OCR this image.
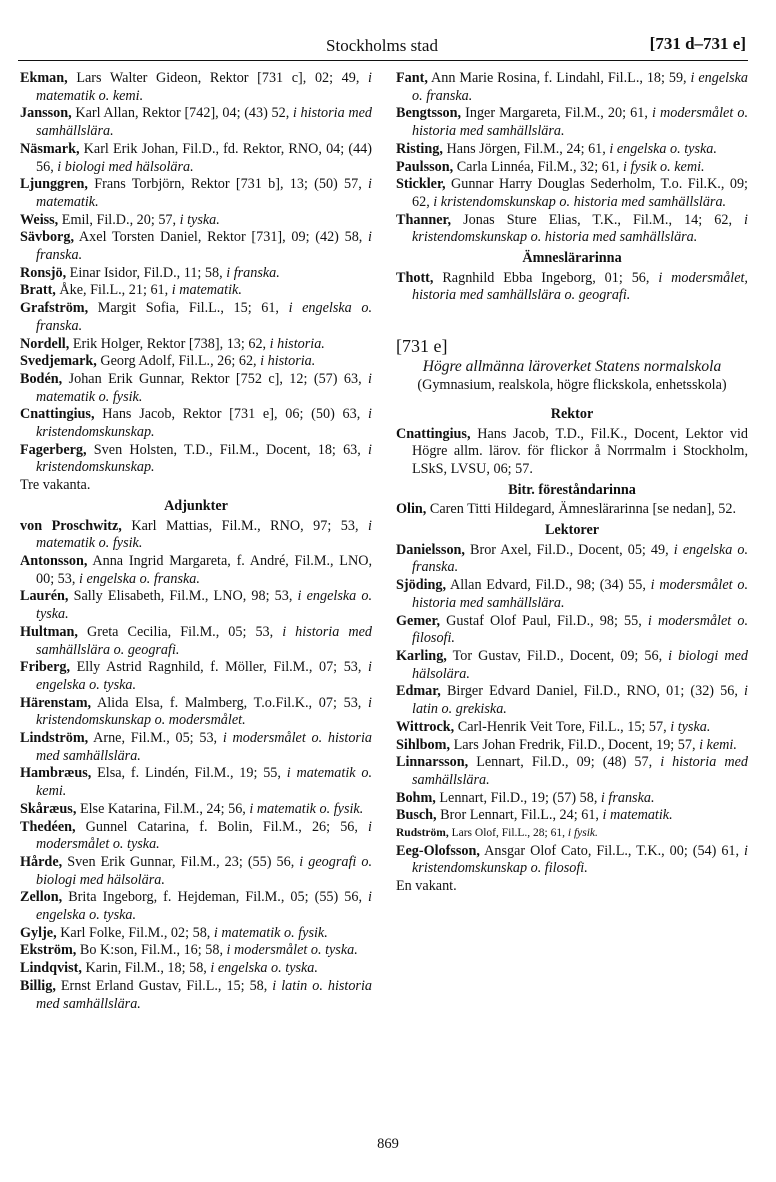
Stockholms stad	[731 d–731 e]
Ekman, Lars Walter Gideon, Rektor [731 c], 02; 49, i matematik o. kemi.
Jansson, Karl Allan, Rektor [742], 04; (43) 52, i historia med samhällslära.
Näsmark, Karl Erik Johan, Fil.D., fd. Rektor, RNO, 04; (44) 56, i biologi med hälsolära.
Ljunggren, Frans Torbjörn, Rektor [731 b], 13; (50) 57, i matematik.
Weiss, Emil, Fil.D., 20; 57, i tyska.
Sävborg, Axel Torsten Daniel, Rektor [731], 09; (42) 58, i franska.
Ronsjö, Einar Isidor, Fil.D., 11; 58, i franska.
Bratt, Åke, Fil.L., 21; 61, i matematik.
Grafström, Margit Sofia, Fil.L., 15; 61, i engelska o. franska.
Nordell, Erik Holger, Rektor [738], 13; 62, i historia.
Svedjemark, Georg Adolf, Fil.L., 26; 62, i historia.
Bodén, Johan Erik Gunnar, Rektor [752 c], 12; (57) 63, i matematik o. fysik.
Cnattingius, Hans Jacob, Rektor [731 e], 06; (50) 63, i kristendomskunskap.
Fagerberg, Sven Holsten, T.D., Fil.M., Docent, 18; 63, i kristendomskunskap.
Tre vakanta.
Adjunkter
von Proschwitz, Karl Mattias, Fil.M., RNO, 97; 53, i matematik o. fysik.
Antonsson, Anna Ingrid Margareta, f. André, Fil.M., LNO, 00; 53, i engelska o. franska.
Laurén, Sally Elisabeth, Fil.M., LNO, 98; 53, i engelska o. tyska.
Hultman, Greta Cecilia, Fil.M., 05; 53, i historia med samhällslära o. geografi.
Friberg, Elly Astrid Ragnhild, f. Möller, Fil.M., 07; 53, i engelska o. tyska.
Härenstam, Alida Elsa, f. Malmberg, T.o.Fil.K., 07; 53, i kristendomskunskap o. modersmålet.
Lindström, Arne, Fil.M., 05; 53, i modersmålet o. historia med samhällslära.
Hambræus, Elsa, f. Lindén, Fil.M., 19; 55, i matematik o. kemi.
Skåræus, Else Katarina, Fil.M., 24; 56, i matematik o. fysik.
Thedéen, Gunnel Catarina, f. Bolin, Fil.M., 26; 56, i modersmålet o. tyska.
Hårde, Sven Erik Gunnar, Fil.M., 23; (55) 56, i geografi o. biologi med hälsolära.
Zellon, Brita Ingeborg, f. Hejdeman, Fil.M., 05; (55) 56, i engelska o. tyska.
Gylje, Karl Folke, Fil.M., 02; 58, i matematik o. fysik.
Ekström, Bo K:son, Fil.M., 16; 58, i modersmålet o. tyska.
Lindqvist, Karin, Fil.M., 18; 58, i engelska o. tyska.
Billig, Ernst Erland Gustav, Fil.L., 15; 58, i latin o. historia med samhällslära.
Fant, Ann Marie Rosina, f. Lindahl, Fil.L., 18; 59, i engelska o. franska.
Bengtsson, Inger Margareta, Fil.M., 20; 61, i modersmålet o. historia med samhällslära.
Risting, Hans Jörgen, Fil.M., 24; 61, i engelska o. tyska.
Paulsson, Carla Linnéa, Fil.M., 32; 61, i fysik o. kemi.
Stickler, Gunnar Harry Douglas Sederholm, T.o. Fil.K., 09; 62, i kristendomskunskap o. historia med samhällslära.
Thanner, Jonas Sture Elias, T.K., Fil.M., 14; 62, i kristendomskunskap o. historia med samhällslära.
Ämneslärarinna
Thott, Ragnhild Ebba Ingeborg, 01; 56, i modersmålet, historia med samhällslära o. geografi.
[731 e]
Högre allmänna läroverket Statens normalskola
(Gymnasium, realskola, högre flickskola, enhetsskola)
Rektor
Cnattingius, Hans Jacob, T.D., Fil.K., Docent, Lektor vid Högre allm. lärov. för flickor å Norrmalm i Stockholm, LSkS, LVSU, 06; 57.
Bitr. föreståndarinna
Olin, Caren Titti Hildegard, Ämneslärarinna [se nedan], 52.
Lektorer
Danielsson, Bror Axel, Fil.D., Docent, 05; 49, i engelska o. franska.
Sjöding, Allan Edvard, Fil.D., 98; (34) 55, i modersmålet o. historia med samhällslära.
Gemer, Gustaf Olof Paul, Fil.D., 98; 55, i modersmålet o. filosofi.
Karling, Tor Gustav, Fil.D., Docent, 09; 56, i biologi med hälsolära.
Edmar, Birger Edvard Daniel, Fil.D., RNO, 01; (32) 56, i latin o. grekiska.
Wittrock, Carl-Henrik Veit Tore, Fil.L., 15; 57, i tyska.
Sihlbom, Lars Johan Fredrik, Fil.D., Docent, 19; 57, i kemi.
Linnarsson, Lennart, Fil.D., 09; (48) 57, i historia med samhällslära.
Bohm, Lennart, Fil.D., 19; (57) 58, i franska.
Busch, Bror Lennart, Fil.L., 24; 61, i matematik.
Rudström, Lars Olof, Fil.L., 28; 61, i fysik.
Eeg-Olofsson, Ansgar Olof Cato, Fil.L., T.K., 00; (54) 61, i kristendomskunskap o. filosofi.
En vakant.
869
